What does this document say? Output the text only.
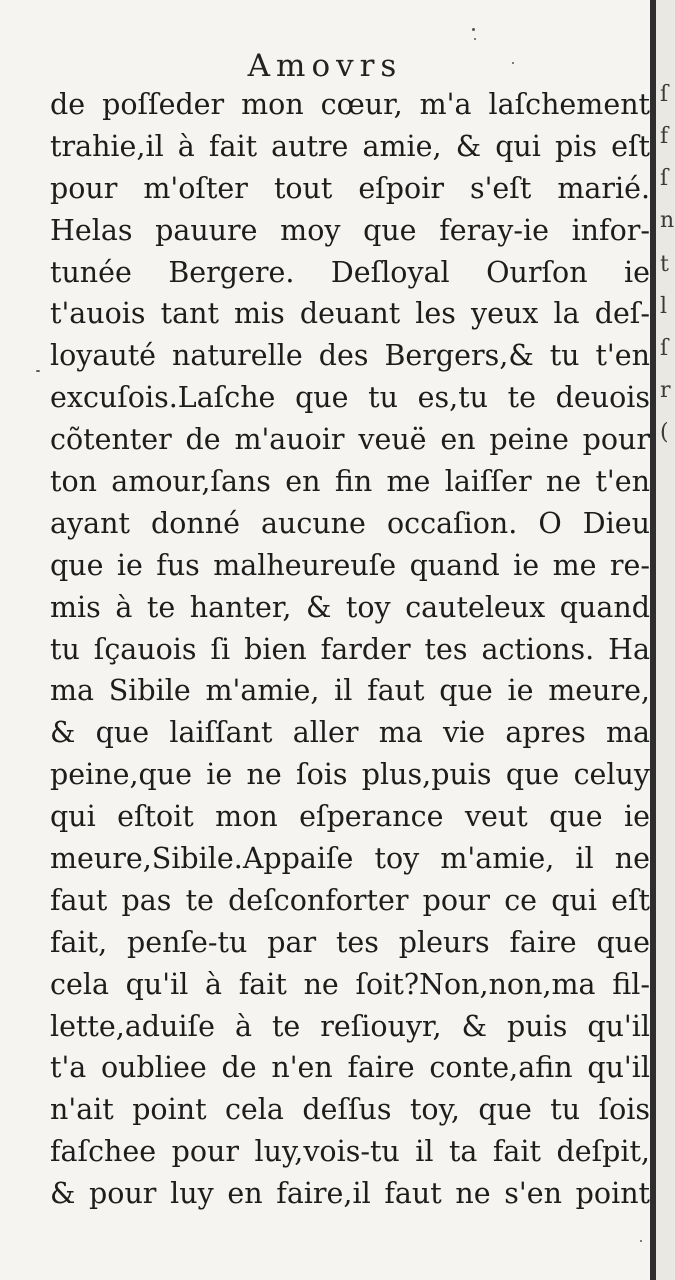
Amovrs
de poſſeder mon cœur, m'a laſchement
trahie,il à fait autre amie, & qui pis eſt
pour m'oſter tout eſpoir s'eſt marié.
Helas pauure moy que feray-ie infor-
tunée Bergere. Deſloyal Ourſon ie
t'auois tant mis deuant les yeux la deſ-
loyauté naturelle des Bergers,& tu t'en
excuſois.Laſche que tu es,tu te deuois
cõtenter de m'auoir veuë en peine pour
ton amour,ſans en fin me laiſſer ne t'en
ayant donné aucune occaſion. O Dieu
que ie fus malheureuſe quand ie me re-
mis à te hanter, & toy cauteleux quand
tu ſçauois ſi bien farder tes actions. Ha
ma Sibile m'amie, il faut que ie meure,
& que laiſſant aller ma vie apres ma
peine,que ie ne ſois plus,puis que celuy
qui eſtoit mon eſperance veut que ie
meure,Sibile.Appaiſe toy m'amie, il ne
faut pas te deſconforter pour ce qui eſt
fait, penſe-tu par tes pleurs faire que
cela qu'il à fait ne ſoit?Non,non,ma fil-
lette,aduiſe à te reſiouyr, & puis qu'il
t'a oubliee de n'en faire conte,afin qu'il
n'ait point cela deſſus toy, que tu ſois
faſchee pour luy,vois-tu il ta fait deſpit,
& pour luy en faire,il faut ne s'en point
ſ
f
ſ
n
t
l
ſ
r
(
